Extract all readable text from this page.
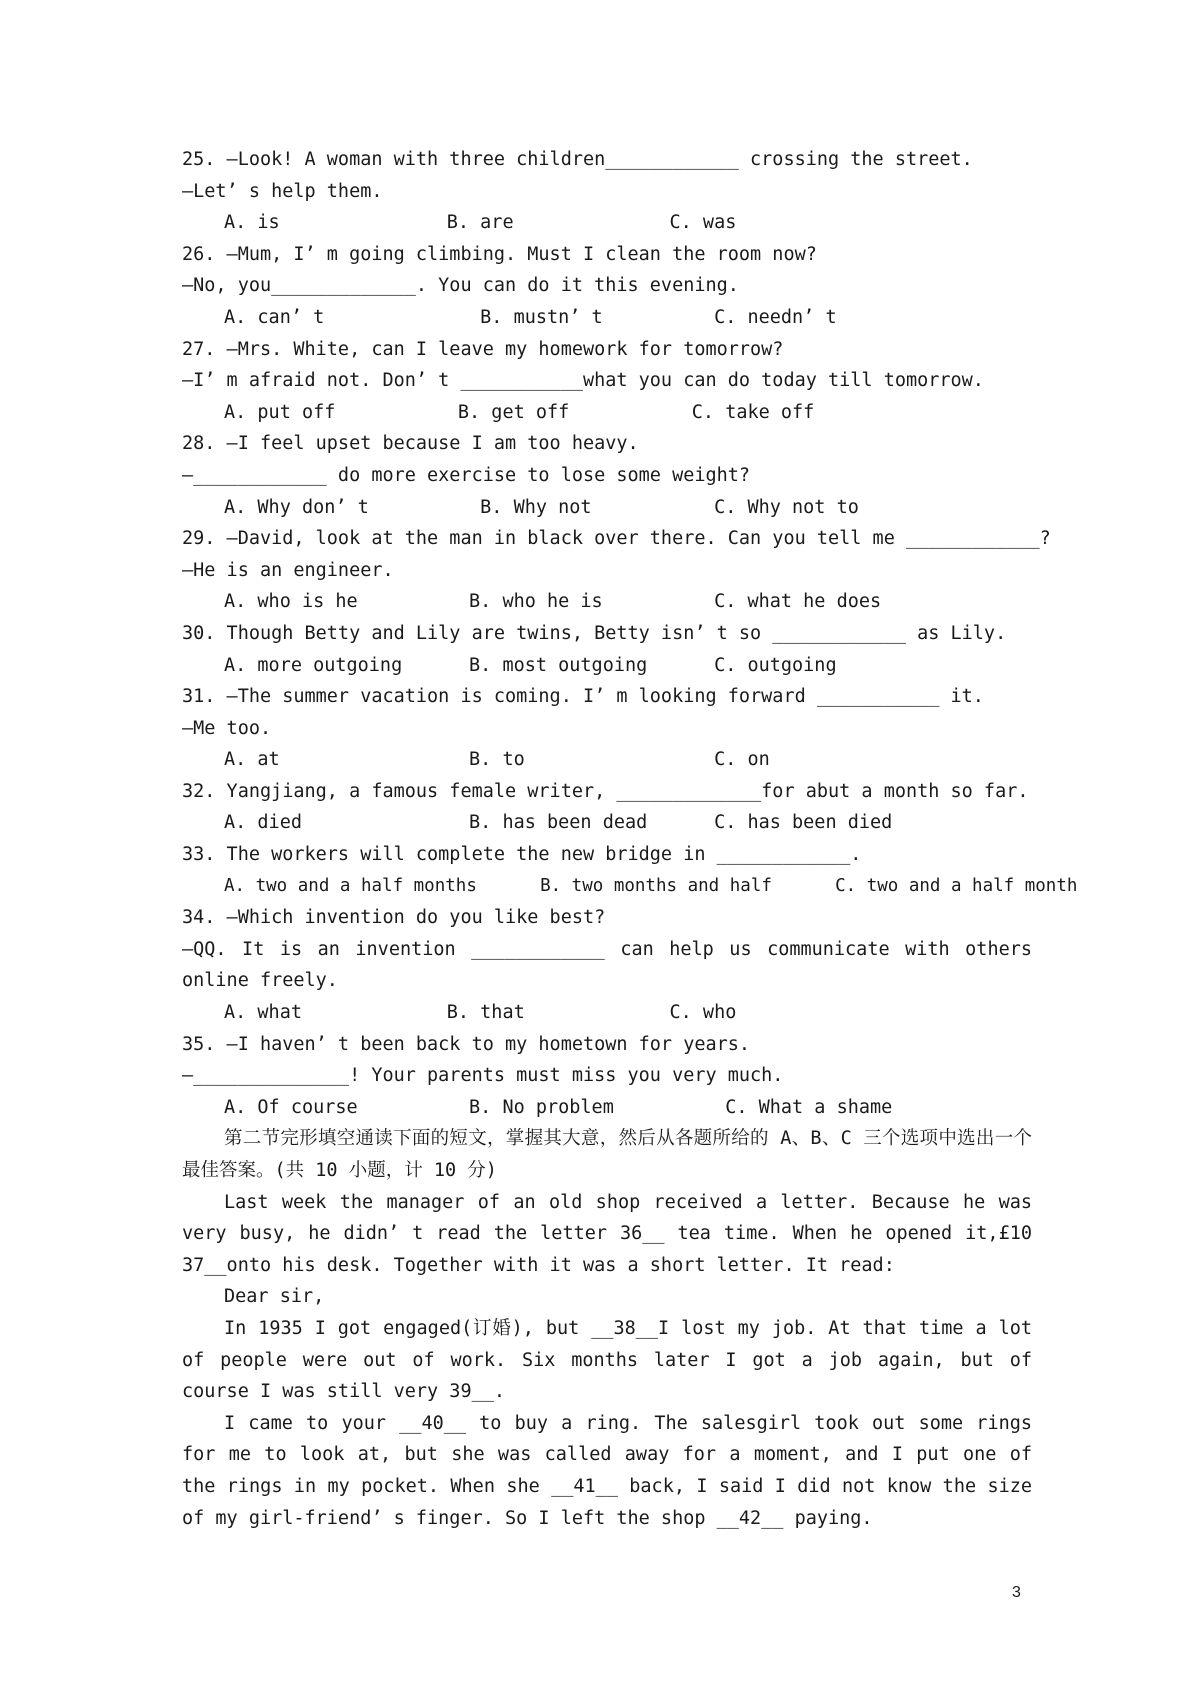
25. —Look! A woman with three children____________ crossing the street.
—Let’ s help them.
A. is               B. are              C. was
26. —Mum, I’ m going climbing. Must I clean the room now?
—No, you_____________. You can do it this evening.
A. can’ t              B. mustn’ t          C. needn’ t
27. —Mrs. White, can I leave my homework for tomorrow?
—I’ m afraid not. Don’ t ___________what you can do today till tomorrow.
A. put off           B. get off           C. take off
28. —I feel upset because I am too heavy.
—____________ do more exercise to lose some weight?
A. Why don’ t          B. Why not           C. Why not to
29. —David, look at the man in black over there. Can you tell me ____________?
—He is an engineer.
A. who is he          B. who he is          C. what he does
30. Though Betty and Lily are twins, Betty isn’ t so ____________ as Lily.
A. more outgoing      B. most outgoing      C. outgoing
31. —The summer vacation is coming. I’ m looking forward ___________ it.
—Me too.
A. at                 B. to                 C. on
32. Yangjiang, a famous female writer, _____________for abut a month so far.
A. died               B. has been dead      C. has been died
33. The workers will complete the new bridge in ____________.
A. two and a half months      B. two months and half      C. two and a half month
34. —Which invention do you like best?
—QQ. It is an invention ____________ can help us communicate with others online freely.
A. what             B. that             C. who
35. —I haven’ t been back to my hometown for years.
—______________! Your parents must miss you very much.
A. Of course          B. No problem          C. What a shame
第二节完形填空通读下面的短文，掌握其大意，然后从各题所给的 A、B、C 三个选项中选出一个最佳答案。(共 10 小题，计 10 分)
Last week the manager of an old shop received a letter. Because he was very busy, he didn’ t read the letter 36__ tea time. When he opened it,£10 37__onto his desk. Together with it was a short letter. It read:
Dear sir,
In 1935 I got engaged(订婚), but __38__I lost my job. At that time a lot of people were out of work. Six months later I got a job again, but of course I was still very 39__.
I came to your __40__ to buy a ring. The salesgirl took out some rings for me to look at, but she was called away for a moment, and I put one of the rings in my pocket. When she __41__ back, I said I did not know the size of my girl-friend’ s finger. So I left the shop __42__ paying.
3
